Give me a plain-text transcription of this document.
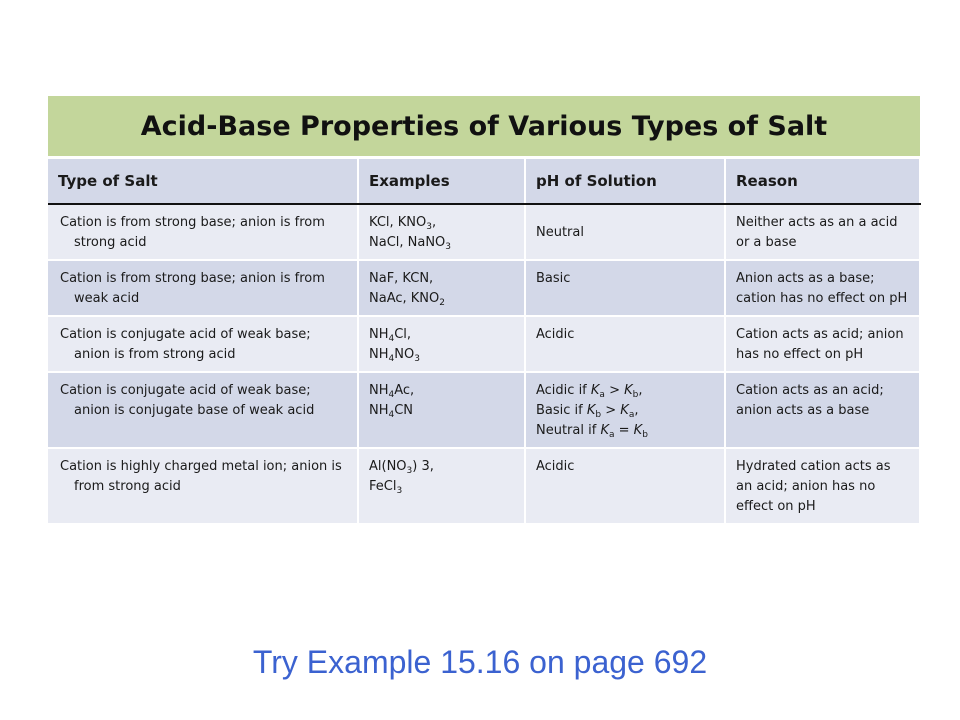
Acid-Base Properties of Various Types of Salt
Type of Salt	Examples	pH of Solution	Reason

Cation is from strong base; anion is from strong acid	KCl, $KNO_3$,
NaCl, NaNO$_3$	Neutral	Neither acts as an a acid or a base

Cation is from strong base; anion is from weak acid	NaF, KCN,
NaAc, $KNO_2$	Basic	Anion acts as a base; cation has no effect on pH

Cation is conjugate acid of weak base; anion is from strong acid	$NH_4Cl$,
$NH_4NO_3$	Acidic	Cation acts as acid; anion has no effect on pH

Cation is conjugate acid of weak base; anion is conjugate base of weak acid	$NH_4Ac$,
$NH_4CN$	Acidic if $K_a > K_b$,
Basic if $K_b > K_a$,
Neutral if $K_a = K_b$	Cation acts as an acid; anion acts as a base

Cation is highly charged metal ion; anion is from strong acid	$Al(NO_3)$ 3,
FeCl$_3$	Acidic	Hydrated cation acts as an acid; anion has no effect on pH
Try Example 15.16 on page 692
